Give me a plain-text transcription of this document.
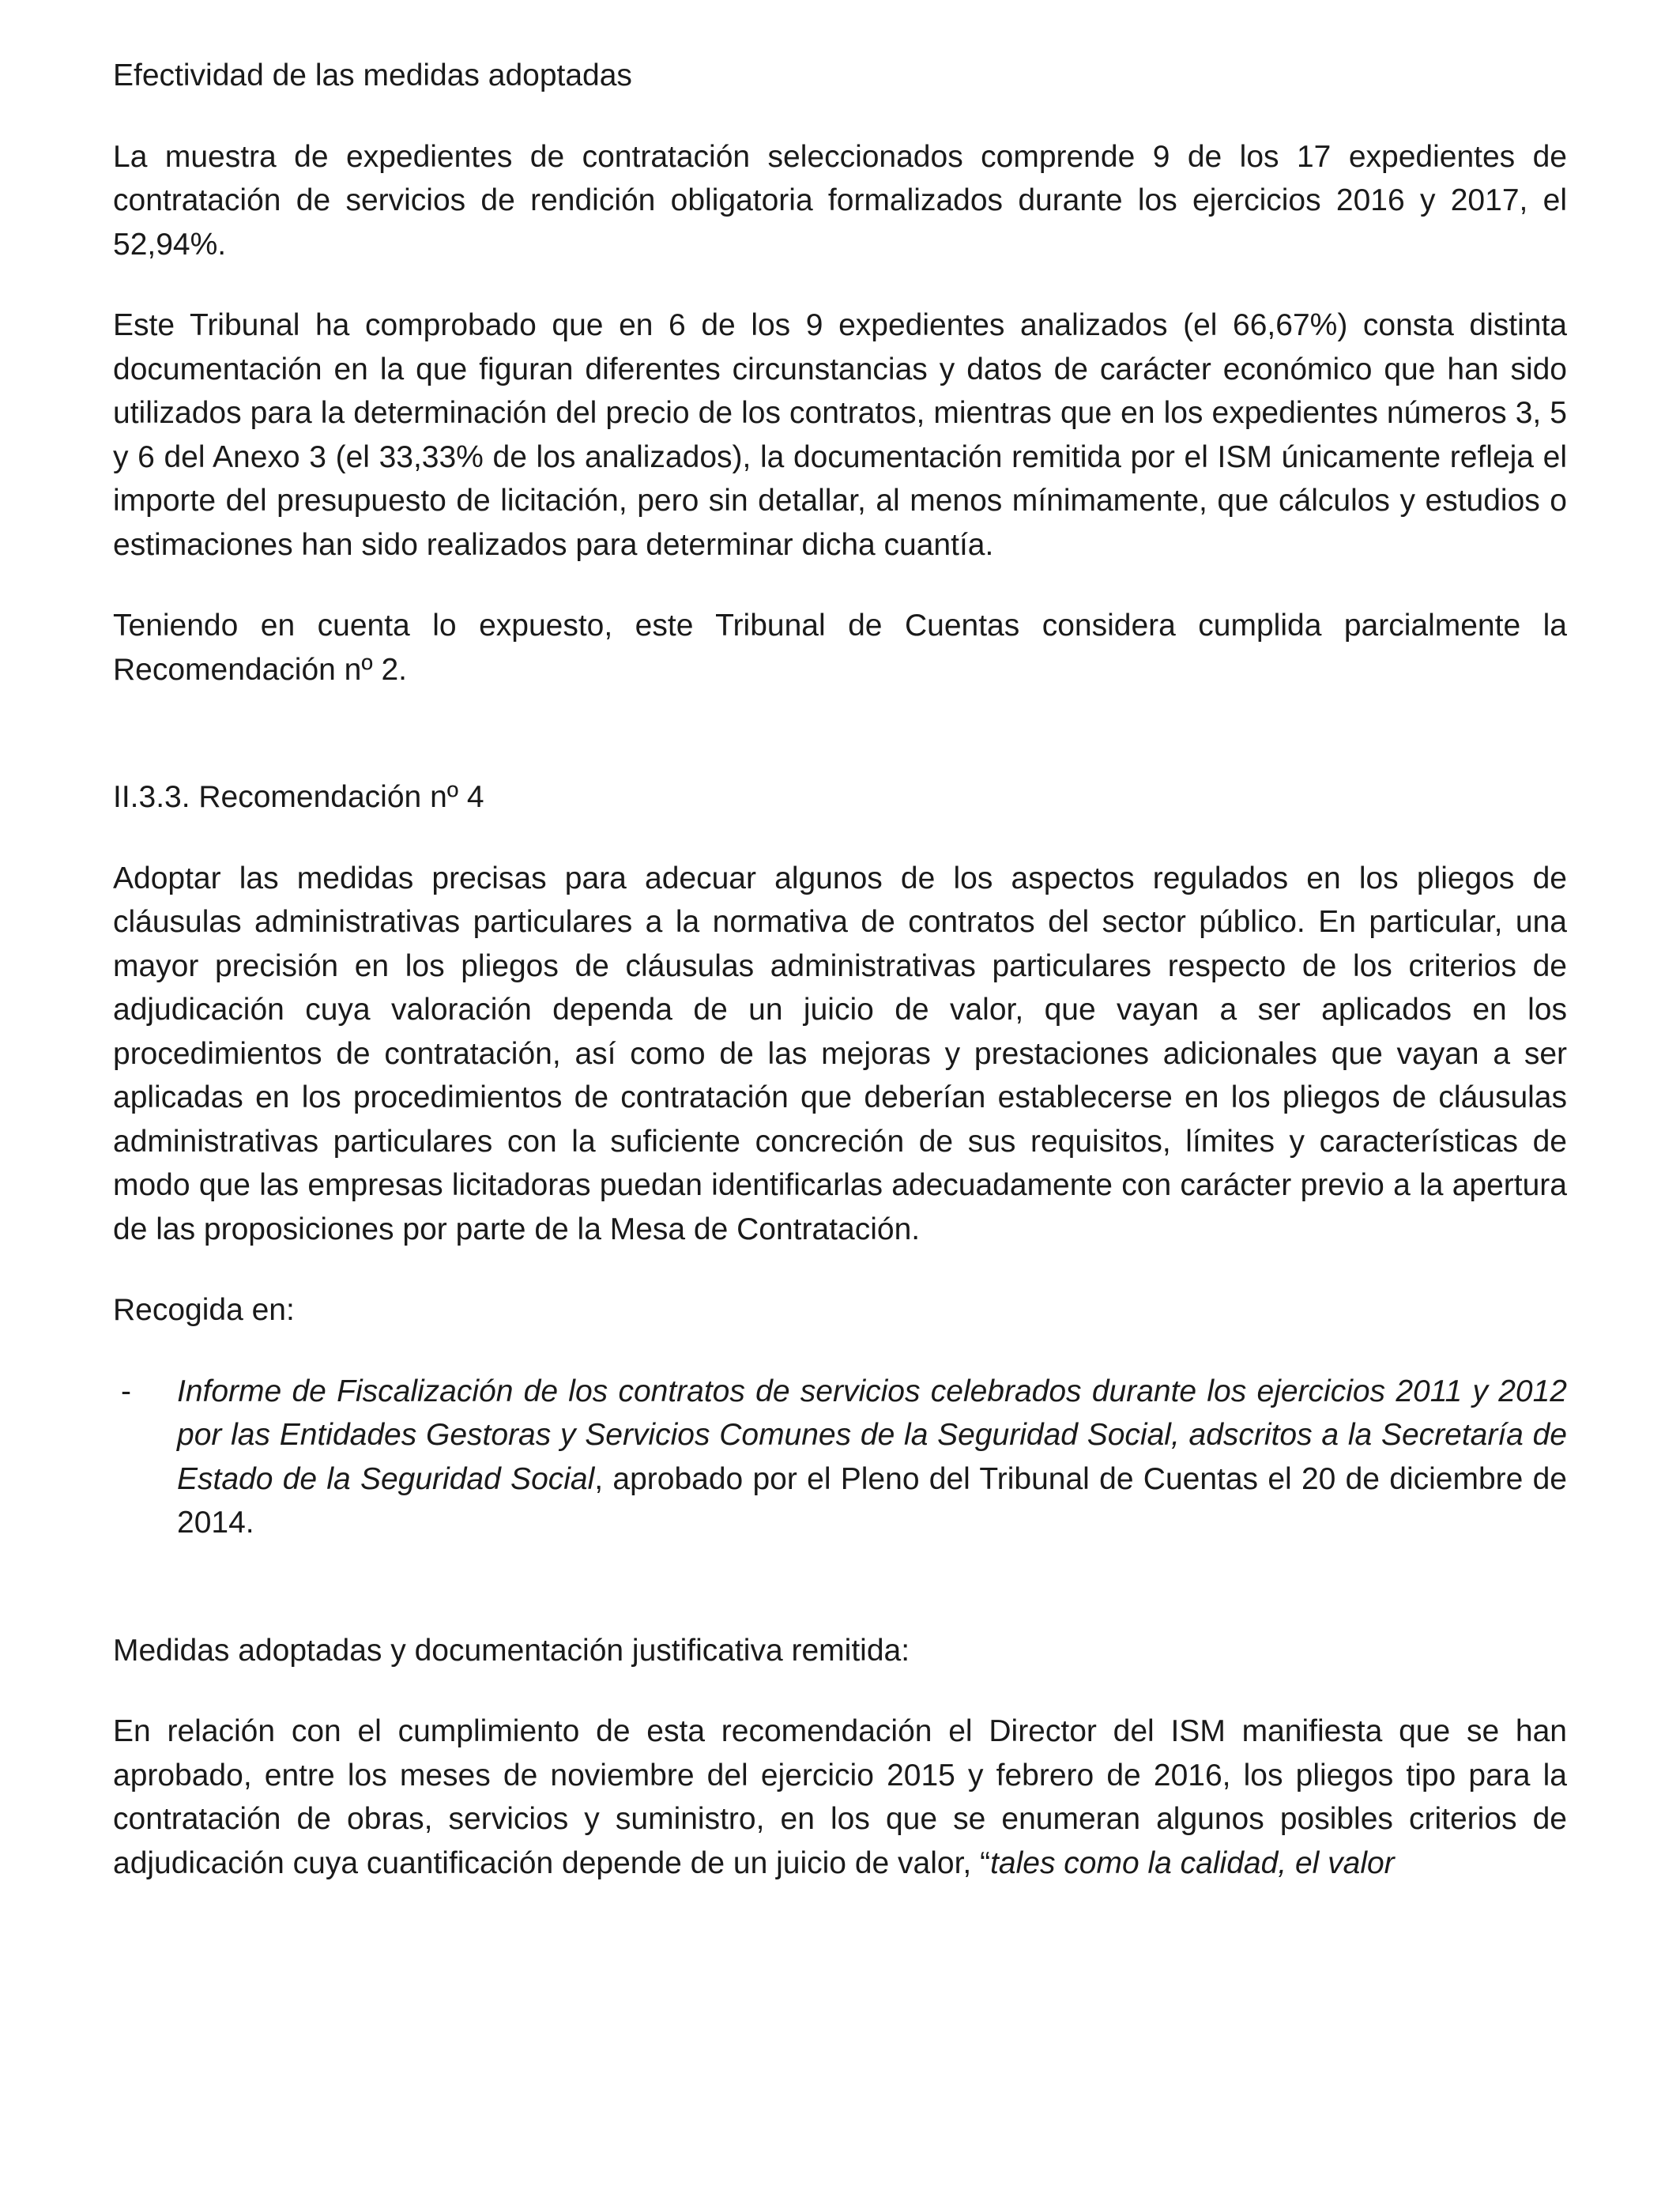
Efectividad de las medidas adoptadas

La muestra de expedientes de contratación seleccionados comprende 9 de los 17 expedientes de contratación de servicios de rendición obligatoria formalizados durante los ejercicios 2016 y 2017, el 52,94%.

Este Tribunal ha comprobado que en 6 de los 9 expedientes analizados (el 66,67%) consta distinta documentación en la que figuran diferentes circunstancias y datos de carácter económico que han sido utilizados para la determinación del precio de los contratos, mientras que en los expedientes números 3, 5 y 6 del Anexo 3 (el 33,33% de los analizados), la documentación remitida por el ISM únicamente refleja el importe del presupuesto de licitación, pero sin detallar, al menos mínimamente, que cálculos y estudios o estimaciones han sido realizados para determinar dicha cuantía.

Teniendo en cuenta lo expuesto, este Tribunal de Cuentas considera cumplida parcialmente la Recomendación nº 2.

II.3.3. Recomendación nº 4

Adoptar las medidas precisas para adecuar algunos de los aspectos regulados en los pliegos de cláusulas administrativas particulares a la normativa de contratos del sector público. En particular, una mayor precisión en los pliegos de cláusulas administrativas particulares respecto de los criterios de adjudicación cuya valoración dependa de un juicio de valor, que vayan a ser aplicados en los procedimientos de contratación, así como de las mejoras y prestaciones adicionales que vayan a ser aplicadas en los procedimientos de contratación que deberían establecerse en los pliegos de cláusulas administrativas particulares con la suficiente concreción de sus requisitos, límites y características de modo que las empresas licitadoras puedan identificarlas adecuadamente con carácter previo a la apertura de las proposiciones por parte de la Mesa de Contratación.

Recogida en:

-	Informe de Fiscalización de los contratos de servicios celebrados durante los ejercicios 2011 y 2012 por las Entidades Gestoras y Servicios Comunes de la Seguridad Social, adscritos a la Secretaría de Estado de la Seguridad Social, aprobado por el Pleno del Tribunal de Cuentas el 20 de diciembre de 2014.

Medidas adoptadas y documentación justificativa remitida:

En relación con el cumplimiento de esta recomendación el Director del ISM manifiesta que se han aprobado, entre los meses de noviembre del ejercicio 2015 y febrero de 2016, los pliegos tipo para la contratación de obras, servicios y suministro, en los que se enumeran algunos posibles criterios de adjudicación cuya cuantificación depende de un juicio de valor, “tales como la calidad, el valor
